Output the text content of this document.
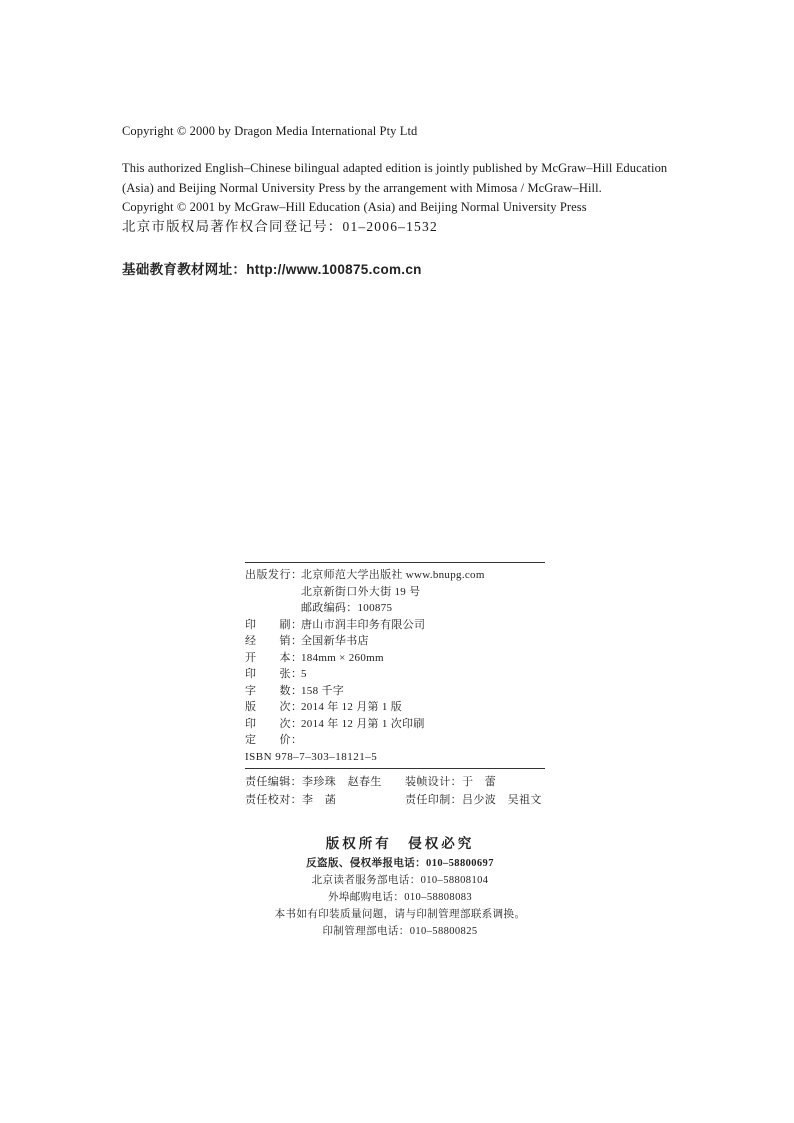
Copyright © 2000 by Dragon Media International Pty Ltd
This authorized English–Chinese bilingual adapted edition is jointly published by McGraw–Hill Education (Asia) and Beijing Normal University Press by the arrangement with Mimosa / McGraw–Hill.
Copyright © 2001 by McGraw–Hill Education (Asia) and Beijing Normal University Press
北京市版权局著作权合同登记号：01–2006–1532
基础教育教材网址：http://www.100875.com.cn
出版发行：
北京师范大学出版社 www.bnupg.com
北京新街口外大街 19 号
邮政编码：100875
印　　刷：
唐山市润丰印务有限公司
经　　销：
全国新华书店
开　　本：
184mm × 260mm
印　　张：
5
字　　数：
158 千字
版　　次：
2014 年 12 月第 1 版
印　　次：
2014 年 12 月第 1 次印刷
定　　价：
ISBN 978–7–303–18121–5
责任编辑：李珍珠　赵春生	装帧设计：于　蕾
责任校对：李　菡	责任印制：吕少波　吴祖文
版权所有　侵权必究
反盗版、侵权举报电话：010–58800697
北京读者服务部电话：010–58808104
外埠邮购电话：010–58808083
本书如有印装质量问题，请与印制管理部联系调换。
印制管理部电话：010–58800825
